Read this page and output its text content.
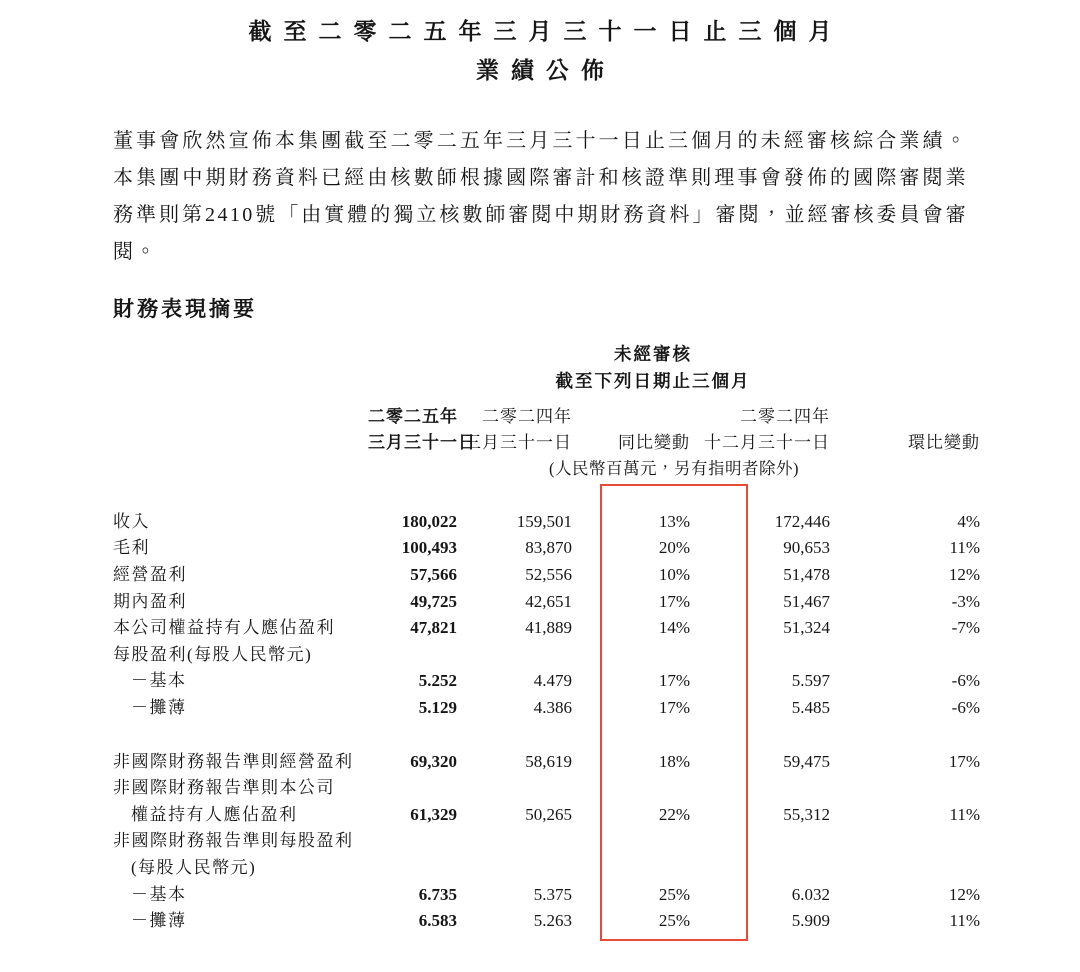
截至二零二五年三月三十一日止三個月
業績公佈
董事會欣然宣佈本集團截至二零二五年三月三十一日止三個月的未經審核綜合業績。
本集團中期財務資料已經由核數師根據國際審計和核證準則理事會發佈的國際審閱業
務準則第2410號「由實體的獨立核數師審閱中期財務資料」審閱，並經審核委員會審
閱。
財務表現摘要
	未經審核				
	截至下列日期止三個月				
	二零二五年	二零二四年		二零二四年	
	三月三十一日	三月三十一日	同比變動	十二月三十一日	環比變動
	(人民幣百萬元，另有指明者除外)				

收入	180,022	159,501	13%	172,446	4%
毛利	100,493	83,870	20%	90,653	11%
經營盈利	57,566	52,556	10%	51,478	12%
期內盈利	49,725	42,651	17%	51,467	-3%
本公司權益持有人應佔盈利	47,821	41,889	14%	51,324	-7%
每股盈利(每股人民幣元)					
－基本	5.252	4.479	17%	5.597	-6%
－攤薄	5.129	4.386	17%	5.485	-6%

非國際財務報告準則經營盈利	69,320	58,619	18%	59,475	17%
非國際財務報告準則本公司					
權益持有人應佔盈利	61,329	50,265	22%	55,312	11%
非國際財務報告準則每股盈利					
(每股人民幣元)					
－基本	6.735	5.375	25%	6.032	12%
－攤薄	6.583	5.263	25%	5.909	11%
